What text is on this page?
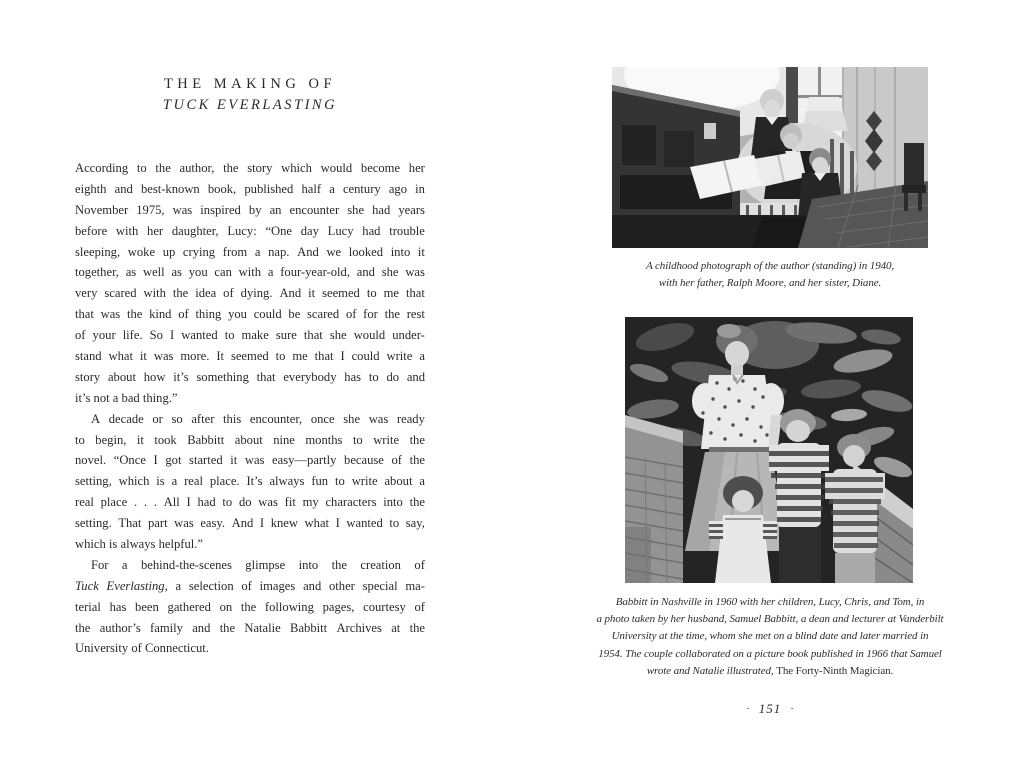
THE MAKING OF
TUCK EVERLASTING
According to the author, the story which would become her
eighth and best-known book, published half a century ago in
November 1975, was inspired by an encounter she had years
before with her daughter, Lucy: “One day Lucy had trouble
sleeping, woke up crying from a nap. And we looked into it
together, as well as you can with a four-year-old, and she was
very scared with the idea of dying. And it seemed to me that
that was the kind of thing you could be scared of for the rest
of your life. So I wanted to make sure that she would under-
stand what it was more. It seemed to me that I could write a
story about how it’s something that everybody has to do and
it’s not a bad thing.”
A decade or so after this encounter, once she was ready
to begin, it took Babbitt about nine months to write the
novel. “Once I got started it was easy—partly because of the
setting, which is a real place. It’s always fun to write about a
real place . . . All I had to do was fit my characters into the
setting. That part was easy. And I knew what I wanted to say,
which is always helpful.”
For a behind-the-scenes glimpse into the creation of
Tuck Everlasting, a selection of images and other special ma-
terial has been gathered on the following pages, courtesy of
the author’s family and the Natalie Babbitt Archives at the
University of Connecticut.
A childhood photograph of the author (standing) in 1940,
with her father, Ralph Moore, and her sister, Diane.
Babbitt in Nashville in 1960 with her children, Lucy, Chris, and Tom, in
a photo taken by her husband, Samuel Babbitt, a dean and lecturer at Vanderbilt
University at the time, whom she met on a blind date and later married in
1954. The couple collaborated on a picture book published in 1966 that Samuel
wrote and Natalie illustrated, The Forty-Ninth Magician.
· 151 ·
